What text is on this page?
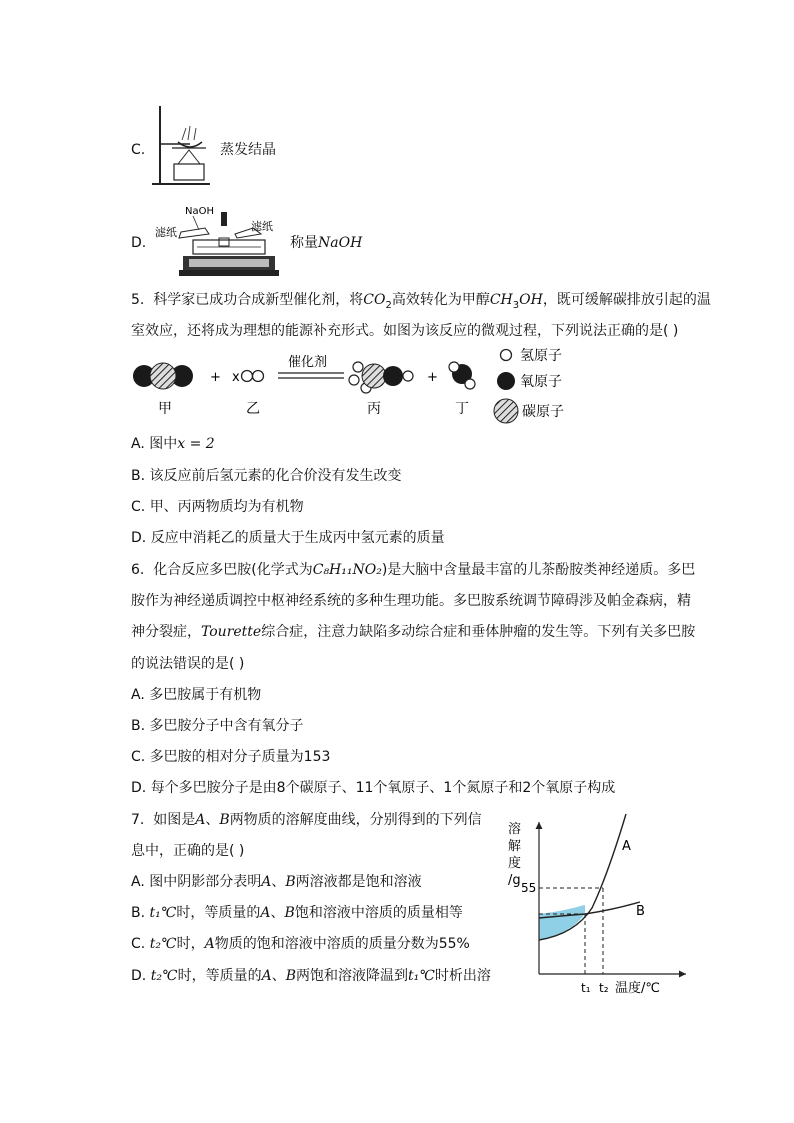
C.	蒸发结晶
D.
NaOH
滤纸	滤纸
称量NaOH
5. 科学家已成功合成新型催化剂，将$CO_2$高效转化为甲醇$CH_3OH$，既可缓解碳排放引起的温
室效应，还将成为理想的能源补充形式。如图为该反应的微观过程，下列说法正确的是( )
+ x
催化剂
+
甲	乙	丙	丁
氢原子
氧原子
碳原子
A. 图中x = 2
B. 该反应前后氢元素的化合价没有发生改变
C. 甲、丙两物质均为有机物
D. 反应中消耗乙的质量大于生成丙中氢元素的质量
6. 化合反应多巴胺(化学式为C₈H₁₁NO₂)是大脑中含量最丰富的儿茶酚胺类神经递质。多巴
胺作为神经递质调控中枢神经系统的多种生理功能。多巴胺系统调节障碍涉及帕金森病，精
神分裂症，Tourette综合症，注意力缺陷多动综合症和垂体肿瘤的发生等。下列有关多巴胺
的说法错误的是( )
A. 多巴胺属于有机物
B. 多巴胺分子中含有氧分子
C. 多巴胺的相对分子质量为153
D. 每个多巴胺分子是由8个碳原子、11个氧原子、1个氮原子和2个氧原子构成
7. 如图是A、B两物质的溶解度曲线，分别得到的下列信
息中，正确的是( )
A. 图中阴影部分表明A、B两溶液都是饱和溶液
B. t₁℃时，等质量的A、B饱和溶液中溶质的质量相等
C. t₂℃时，A物质的饱和溶液中溶质的质量分数为55%
D. t₂℃时，等质量的A、B两饱和溶液降温到t₁℃时析出溶
溶
解
度
/g 55
A
B
t₁ t₂ 温度/℃
